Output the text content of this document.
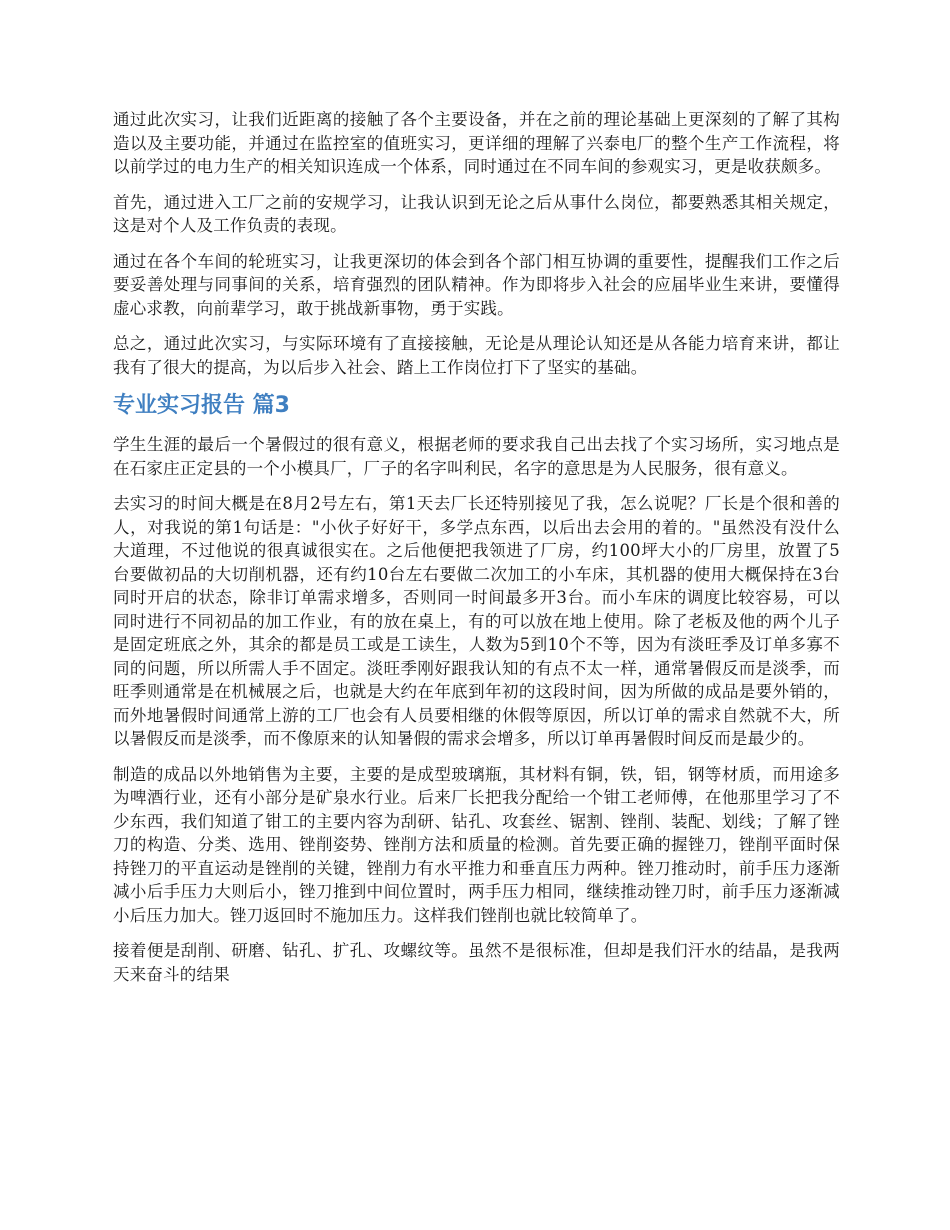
通过此次实习，让我们近距离的接触了各个主要设备，并在之前的理论基础上更深刻的了解了其构造以及主要功能，并通过在监控室的值班实习，更详细的理解了兴泰电厂的整个生产工作流程，将以前学过的电力生产的相关知识连成一个体系，同时通过在不同车间的参观实习，更是收获颇多。

首先，通过进入工厂之前的安规学习，让我认识到无论之后从事什么岗位，都要熟悉其相关规定，这是对个人及工作负责的表现。

通过在各个车间的轮班实习，让我更深切的体会到各个部门相互协调的重要性，提醒我们工作之后要妥善处理与同事间的关系，培育强烈的团队精神。作为即将步入社会的应届毕业生来讲，要懂得虚心求教，向前辈学习，敢于挑战新事物，勇于实践。

总之，通过此次实习，与实际环境有了直接接触，无论是从理论认知还是从各能力培育来讲，都让我有了很大的提高，为以后步入社会、踏上工作岗位打下了坚实的基础。

专业实习报告 篇3

学生生涯的最后一个暑假过的很有意义，根据老师的要求我自己出去找了个实习场所，实习地点是在石家庄正定县的一个小模具厂，厂子的名字叫利民，名字的意思是为人民服务，很有意义。

去实习的时间大概是在8月2号左右，第1天去厂长还特别接见了我，怎么说呢？厂长是个很和善的人，对我说的第1句话是："小伙子好好干，多学点东西，以后出去会用的着的。"虽然没有没什么大道理，不过他说的很真诚很实在。之后他便把我领进了厂房，约100坪大小的厂房里，放置了5台要做初品的大切削机器，还有约10台左右要做二次加工的小车床，其机器的使用大概保持在3台同时开启的状态，除非订单需求增多，否则同一时间最多开3台。而小车床的调度比较容易，可以同时进行不同初品的加工作业，有的放在桌上，有的可以放在地上使用。除了老板及他的两个儿子是固定班底之外，其余的都是员工或是工读生，人数为5到10个不等，因为有淡旺季及订单多寡不同的问题，所以所需人手不固定。淡旺季刚好跟我认知的有点不太一样，通常暑假反而是淡季，而旺季则通常是在机械展之后，也就是大约在年底到年初的这段时间，因为所做的成品是要外销的，而外地暑假时间通常上游的工厂也会有人员要相继的休假等原因，所以订单的需求自然就不大，所以暑假反而是淡季，而不像原来的认知暑假的需求会增多，所以订单再暑假时间反而是最少的。

制造的成品以外地销售为主要，主要的是成型玻璃瓶，其材料有铜，铁，铝，钢等材质，而用途多为啤酒行业，还有小部分是矿泉水行业。后来厂长把我分配给一个钳工老师傅，在他那里学习了不少东西，我们知道了钳工的主要内容为刮研、钻孔、攻套丝、锯割、锉削、装配、划线；了解了锉刀的构造、分类、选用、锉削姿势、锉削方法和质量的检测。首先要正确的握锉刀，锉削平面时保持锉刀的平直运动是锉削的关键，锉削力有水平推力和垂直压力两种。锉刀推动时，前手压力逐渐减小后手压力大则后小，锉刀推到中间位置时，两手压力相同，继续推动锉刀时，前手压力逐渐减小后压力加大。锉刀返回时不施加压力。这样我们锉削也就比较简单了。

接着便是刮削、研磨、钻孔、扩孔、攻螺纹等。虽然不是很标准，但却是我们汗水的结晶，是我两天来奋斗的结果
